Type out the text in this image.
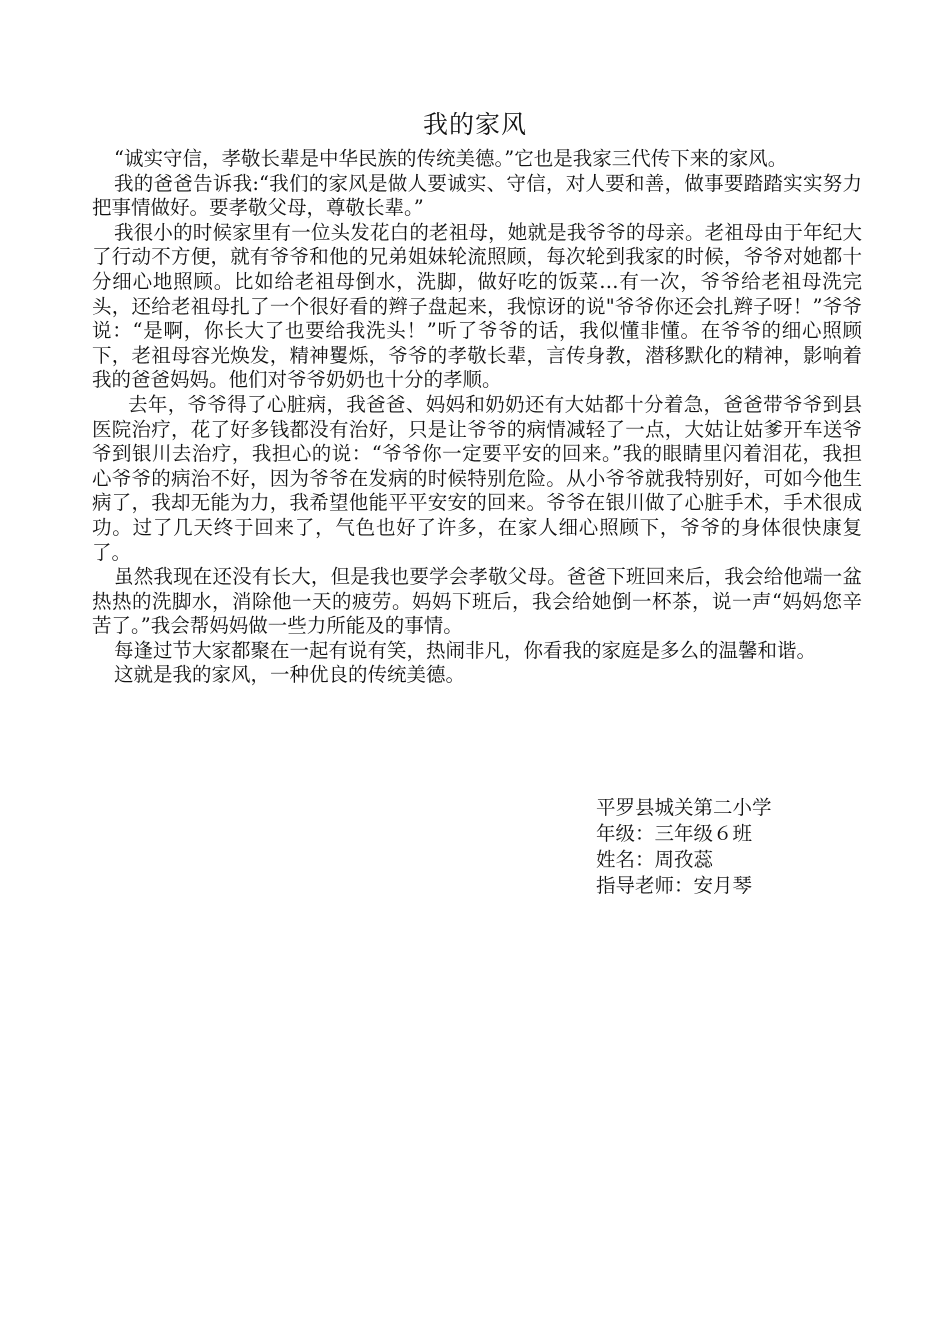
我的家风

“诚实守信，孝敬长辈是中华民族的传统美德。”它也是我家三代传下来的家风。

我的爸爸告诉我:“我们的家风是做人要诚实、守信，对人要和善，做事要踏踏实实努力把事情做好。要孝敬父母，尊敬长辈。”

我很小的时候家里有一位头发花白的老祖母，她就是我爷爷的母亲。老祖母由于年纪大了行动不方便，就有爷爷和他的兄弟姐妹轮流照顾，每次轮到我家的时候，爷爷对她都十分细心地照顾。比如给老祖母倒水，洗脚，做好吃的饭菜…有一次，爷爷给老祖母洗完头，还给老祖母扎了一个很好看的辫子盘起来，我惊讶的说"爷爷你还会扎辫子呀！”爷爷说：“是啊，你长大了也要给我洗头！”听了爷爷的话，我似懂非懂。在爷爷的细心照顾下，老祖母容光焕发，精神矍烁，爷爷的孝敬长辈，言传身教，潜移默化的精神，影响着我的爸爸妈妈。他们对爷爷奶奶也十分的孝顺。

去年，爷爷得了心脏病，我爸爸、妈妈和奶奶还有大姑都十分着急，爸爸带爷爷到县医院治疗，花了好多钱都没有治好，只是让爷爷的病情减轻了一点，大姑让姑爹开车送爷爷到银川去治疗，我担心的说：“爷爷你一定要平安的回来。”我的眼睛里闪着泪花，我担心爷爷的病治不好，因为爷爷在发病的时候特别危险。从小爷爷就我特别好，可如今他生病了，我却无能为力，我希望他能平平安安的回来。爷爷在银川做了心脏手术，手术很成功。过了几天终于回来了，气色也好了许多，在家人细心照顾下，爷爷的身体很快康复了。

虽然我现在还没有长大，但是我也要学会孝敬父母。爸爸下班回来后，我会给他端一盆热热的洗脚水，消除他一天的疲劳。妈妈下班后，我会给她倒一杯茶，说一声“妈妈您辛苦了。”我会帮妈妈做一些力所能及的事情。

每逢过节大家都聚在一起有说有笑，热闹非凡，你看我的家庭是多么的温馨和谐。

这就是我的家风，一种优良的传统美德。

平罗县城关第二小学

年级：三年级６班

姓名：周孜蕊

指导老师：安月琴
